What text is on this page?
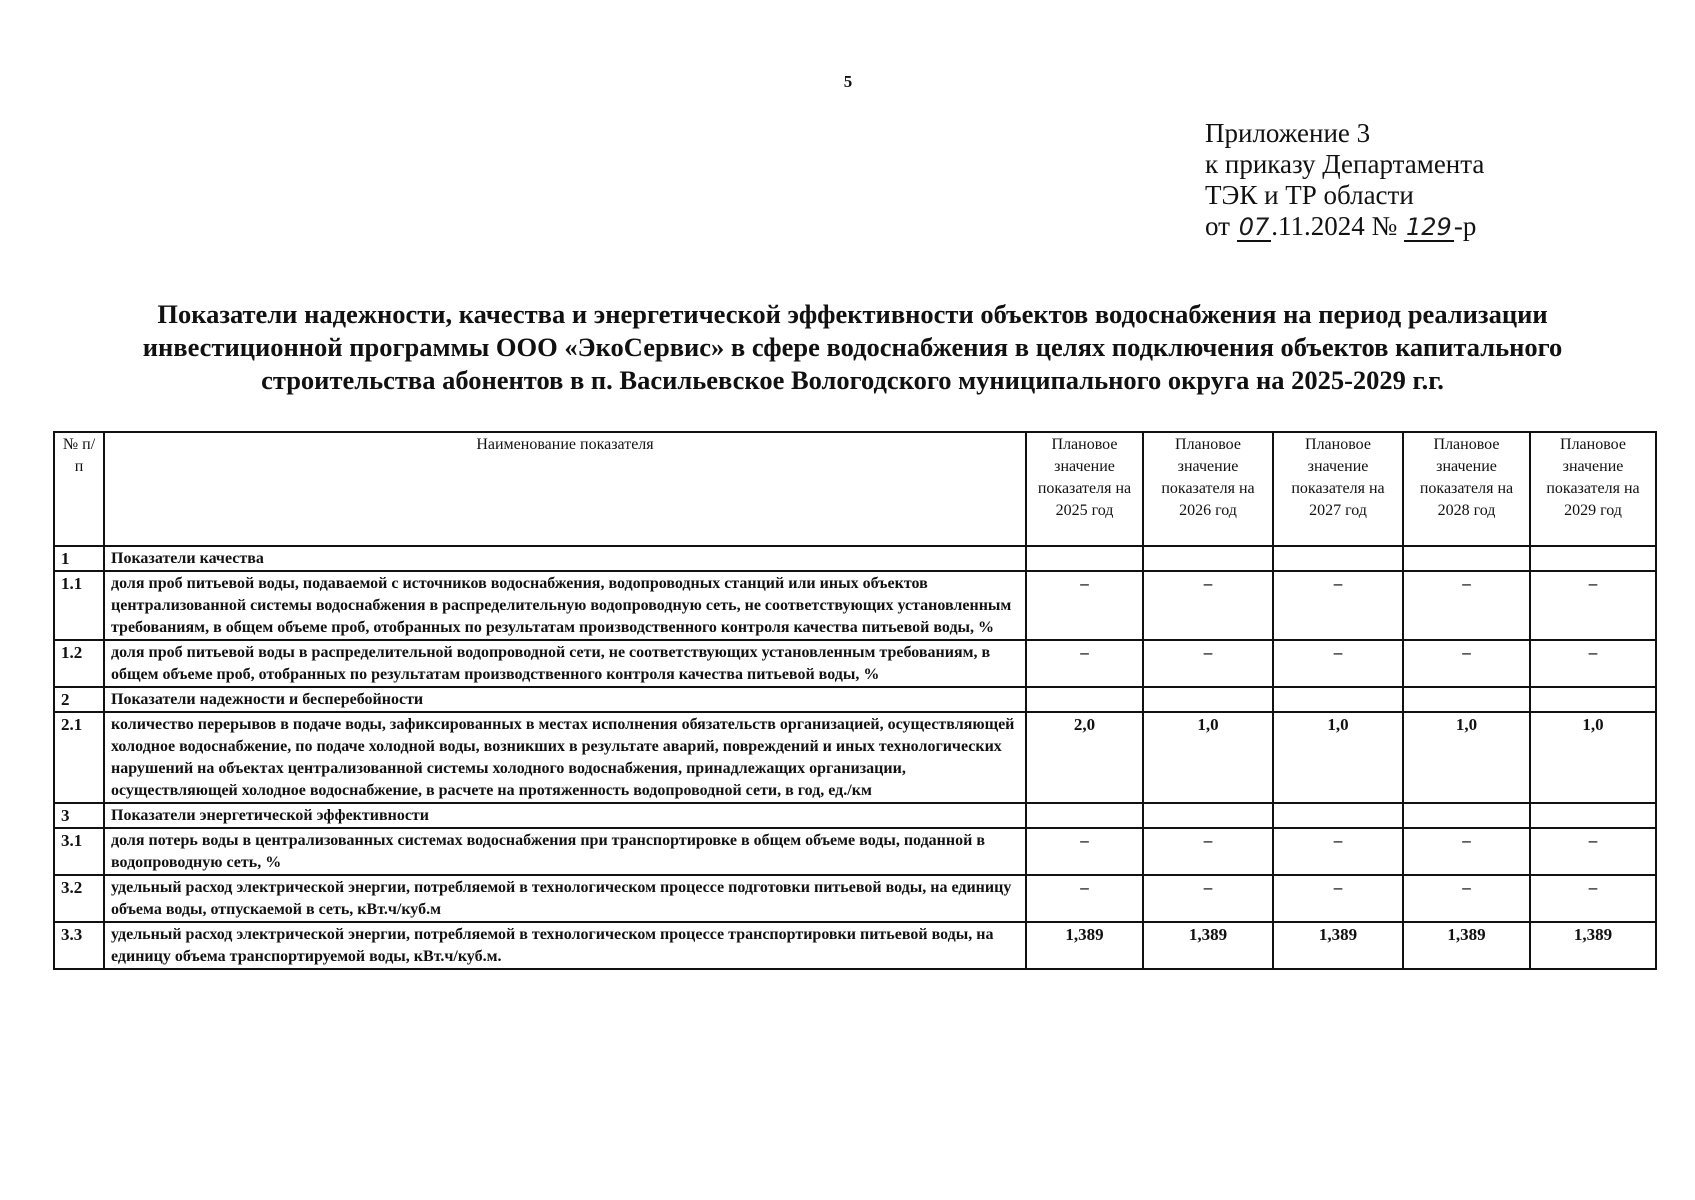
5
Приложение 3
к приказу Департамента
ТЭК и ТР области
от 07.11.2024 № 129-р
Показатели надежности, качества и энергетической эффективности объектов водоснабжения на период реализации инвестиционной программы ООО «ЭкоСервис» в сфере водоснабжения в целях подключения объектов капитального строительства абонентов в п. Васильевское Вологодского муниципального округа на 2025-2029 г.г.
№ п/п	Наименование показателя	Плановое значение показателя на 2025 год	Плановое значение показателя на 2026 год	Плановое значение показателя на 2027 год	Плановое значение показателя на 2028 год	Плановое значение показателя на 2029 год
1	Показатели качества					
1.1	доля проб питьевой воды, подаваемой с источников водоснабжения, водопроводных станций или иных объектов централизованной системы водоснабжения в распределительную водопроводную сеть, не соответствующих установленным требованиям, в общем объеме проб, отобранных по результатам производственного контроля качества питьевой воды, %	–	–	–	–	–
1.2	доля проб питьевой воды в распределительной водопроводной сети, не соответствующих установленным требованиям, в общем объеме проб, отобранных по результатам производственного контроля качества питьевой воды, %	–	–	–	–	–
2	Показатели надежности и бесперебойности					
2.1	количество перерывов в подаче воды, зафиксированных в местах исполнения обязательств организацией, осуществляющей холодное водоснабжение, по подаче холодной воды, возникших в результате аварий, повреждений и иных технологических нарушений на объектах централизованной системы холодного водоснабжения, принадлежащих организации, осуществляющей холодное водоснабжение, в расчете на протяженность водопроводной сети, в год, ед./км	2,0	1,0	1,0	1,0	1,0
3	Показатели энергетической эффективности					
3.1	доля потерь воды в централизованных системах водоснабжения при транспортировке в общем объеме воды, поданной в водопроводную сеть, %	–	–	–	–	–
3.2	удельный расход электрической энергии, потребляемой в технологическом процессе подготовки питьевой воды, на единицу объема воды, отпускаемой в сеть, кВт.ч/куб.м	–	–	–	–	–
3.3	удельный расход электрической энергии, потребляемой в технологическом процессе транспортировки питьевой воды, на единицу объема транспортируемой воды, кВт.ч/куб.м.	1,389	1,389	1,389	1,389	1,389
